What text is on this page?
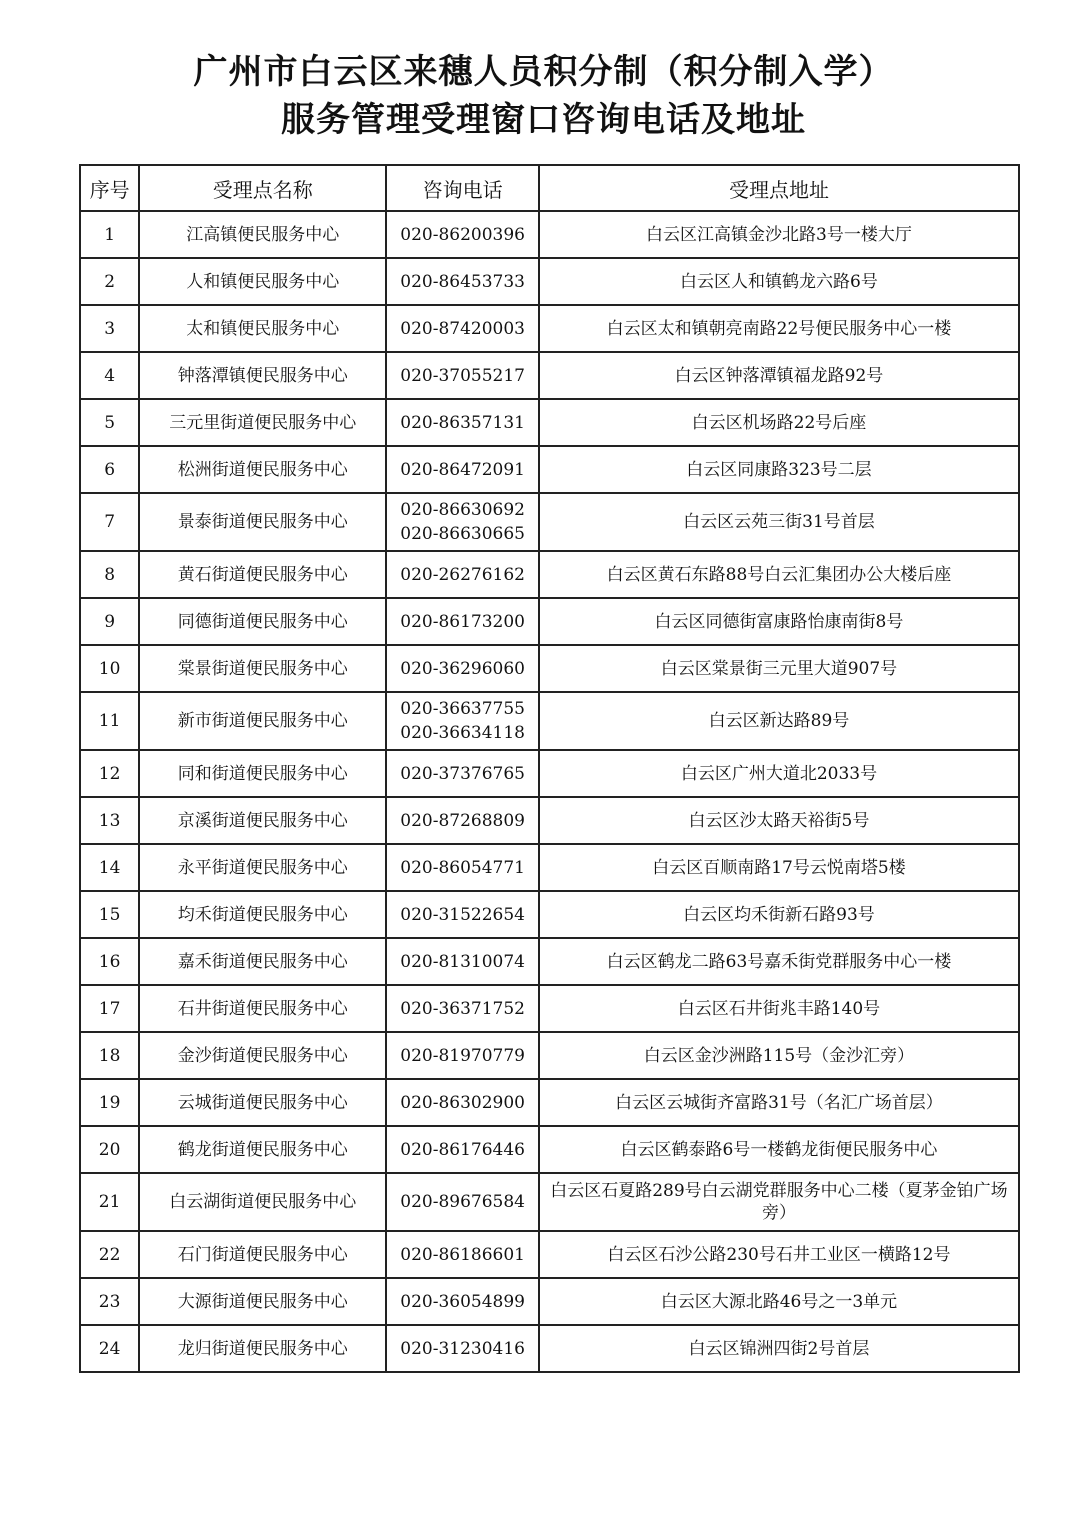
广州市白云区来穗人员积分制（积分制入学）
服务管理受理窗口咨询电话及地址
序号	受理点名称	咨询电话	受理点地址
1	江高镇便民服务中心	020-86200396	白云区江高镇金沙北路3号一楼大厅

2	人和镇便民服务中心	020-86453733	白云区人和镇鹤龙六路6号

3	太和镇便民服务中心	020-87420003	白云区太和镇朝亮南路22号便民服务中心一楼

4	钟落潭镇便民服务中心	020-37055217	白云区钟落潭镇福龙路92号

5	三元里街道便民服务中心	020-86357131	白云区机场路22号后座

6	松洲街道便民服务中心	020-86472091	白云区同康路323号二层

7	景泰街道便民服务中心	020-86630692
020-86630665	白云区云苑三街31号首层

8	黄石街道便民服务中心	020-26276162	白云区黄石东路88号白云汇集团办公大楼后座

9	同德街道便民服务中心	020-86173200	白云区同德街富康路怡康南街8号

10	棠景街道便民服务中心	020-36296060	白云区棠景街三元里大道907号

11	新市街道便民服务中心	020-36637755
020-36634118	白云区新达路89号

12	同和街道便民服务中心	020-37376765	白云区广州大道北2033号

13	京溪街道便民服务中心	020-87268809	白云区沙太路天裕街5号

14	永平街道便民服务中心	020-86054771	白云区百顺南路17号云悦南塔5楼

15	均禾街道便民服务中心	020-31522654	白云区均禾街新石路93号

16	嘉禾街道便民服务中心	020-81310074	白云区鹤龙二路63号嘉禾街党群服务中心一楼

17	石井街道便民服务中心	020-36371752	白云区石井街兆丰路140号

18	金沙街道便民服务中心	020-81970779	白云区金沙洲路115号（金沙汇旁）

19	云城街道便民服务中心	020-86302900	白云区云城街齐富路31号（名汇广场首层）

20	鹤龙街道便民服务中心	020-86176446	白云区鹤泰路6号一楼鹤龙街便民服务中心

21	白云湖街道便民服务中心	020-89676584	白云区石夏路289号白云湖党群服务中心二楼（夏茅金铂广场旁）

22	石门街道便民服务中心	020-86186601	白云区石沙公路230号石井工业区一横路12号

23	大源街道便民服务中心	020-36054899	白云区大源北路46号之一3单元

24	龙归街道便民服务中心	020-31230416	白云区锦洲四街2号首层
